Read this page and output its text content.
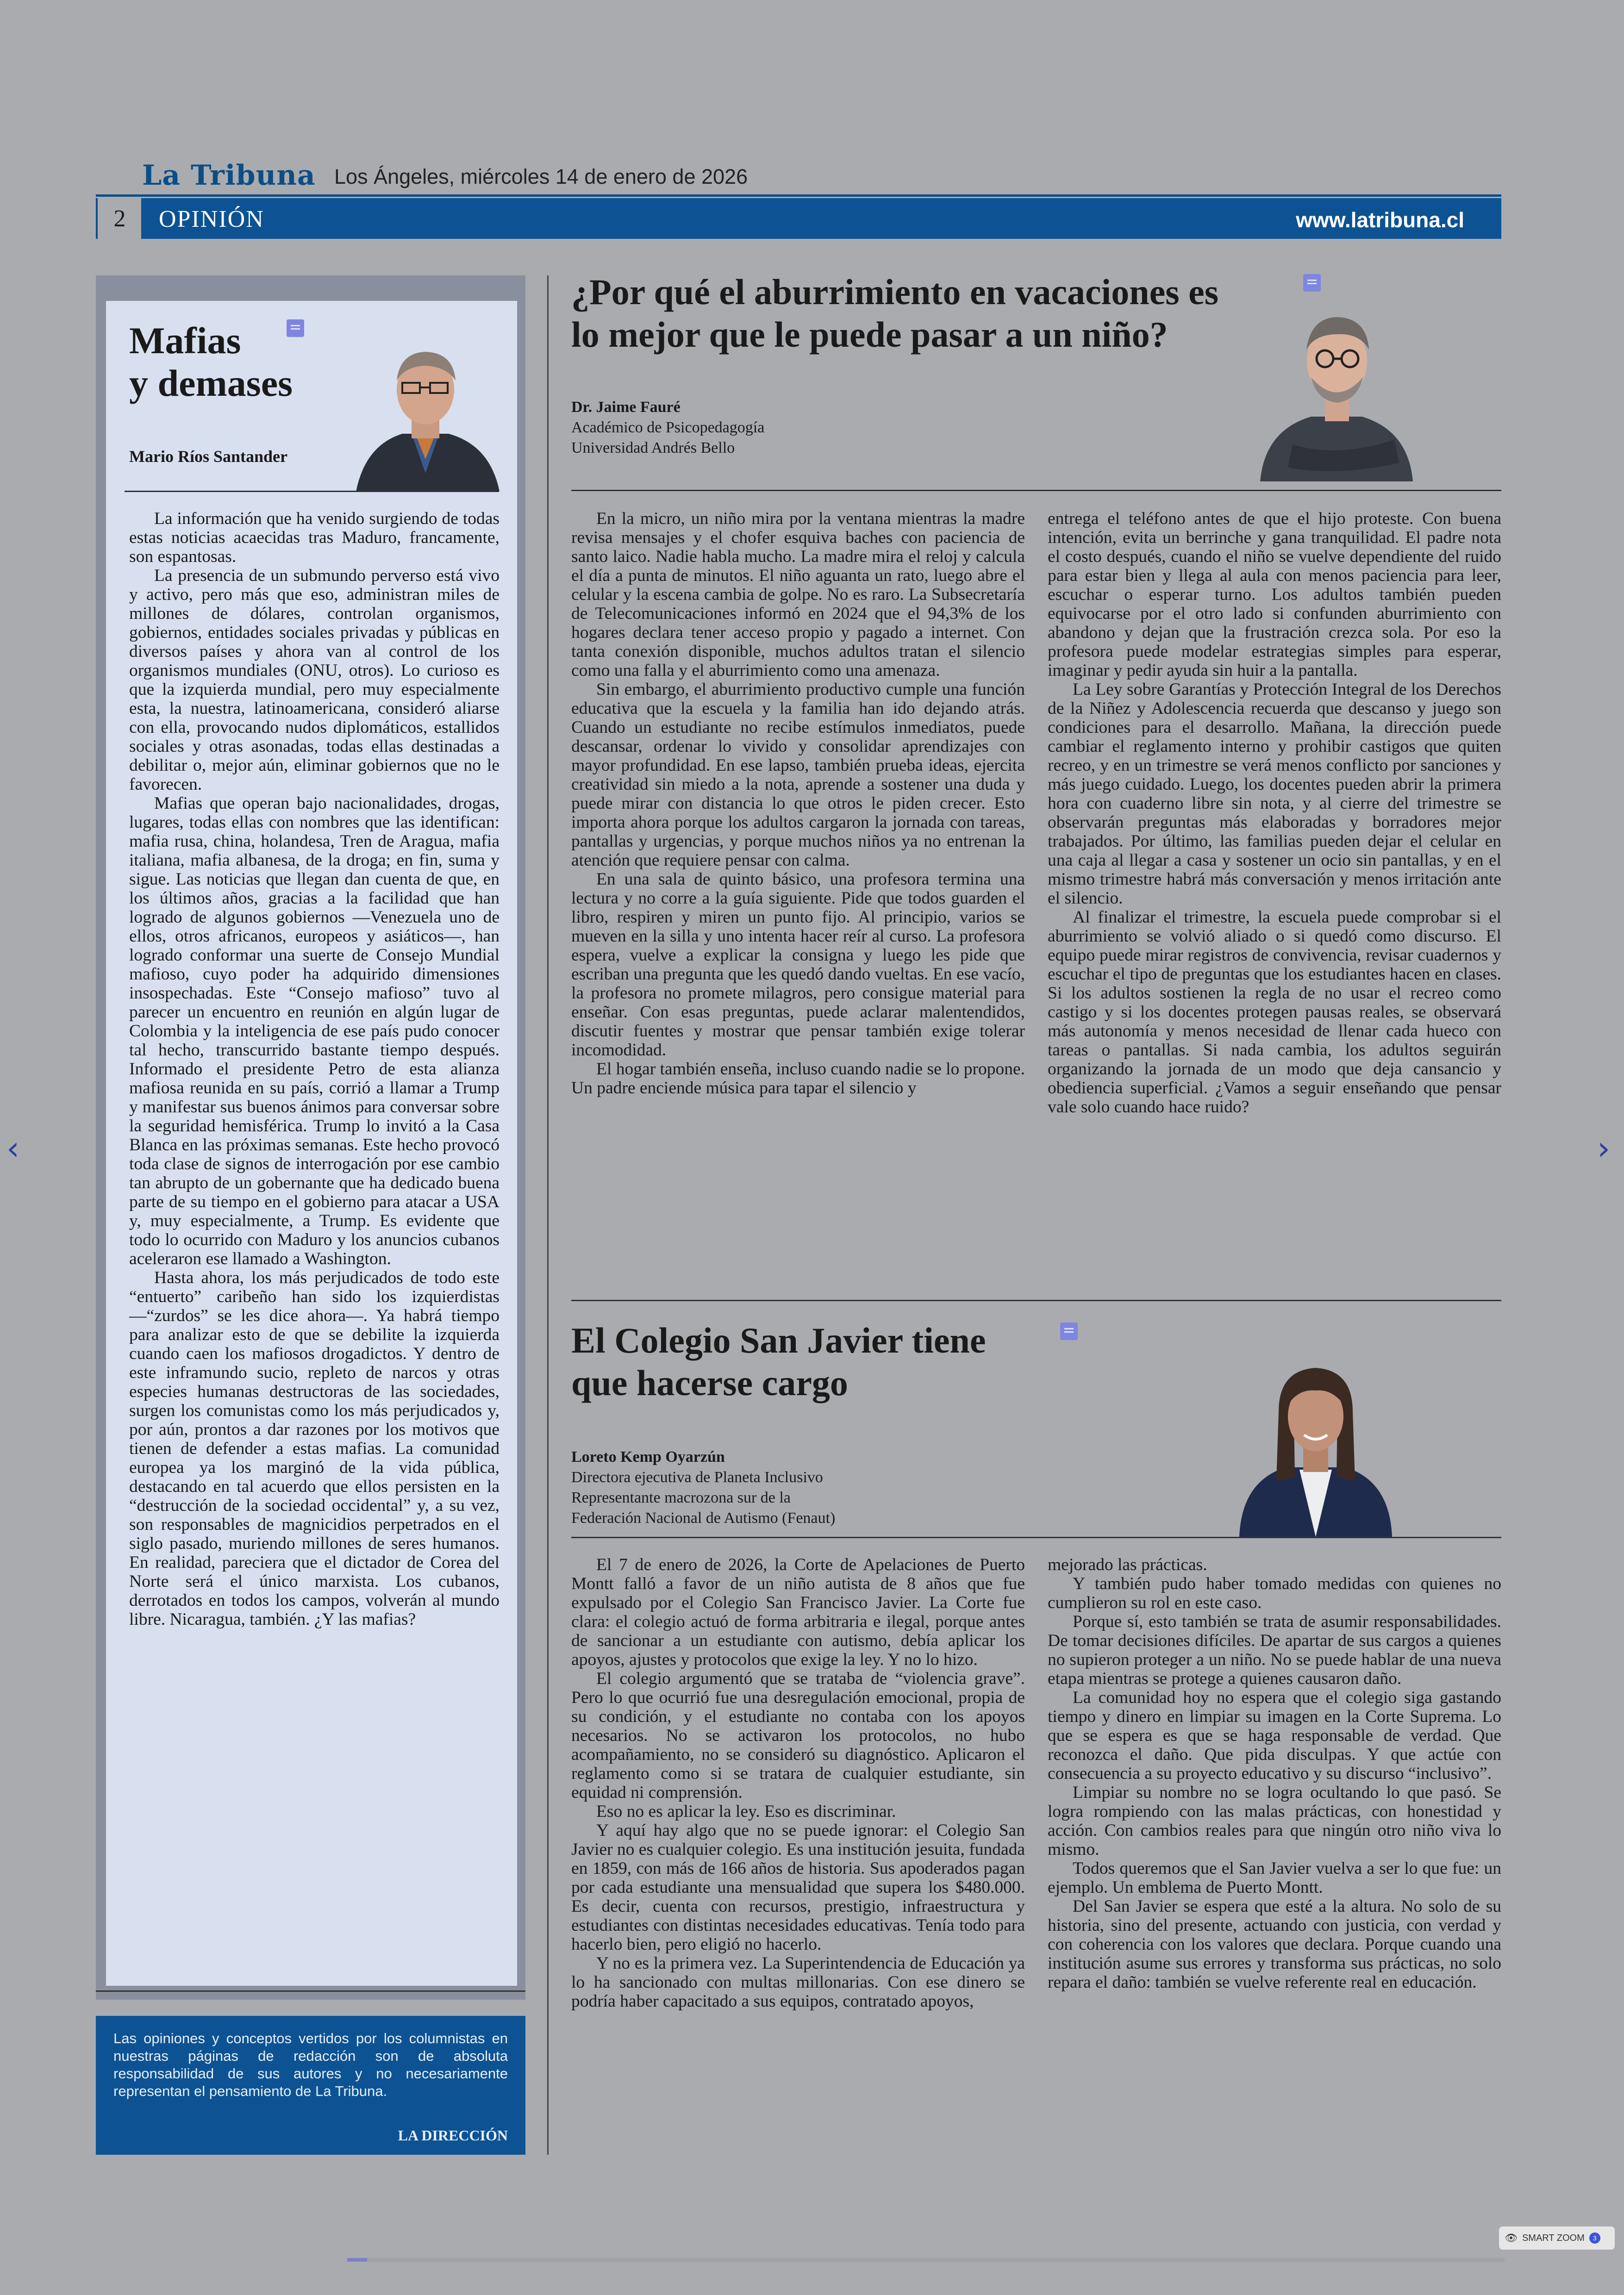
La Tribuna Los Ángeles, miércoles 14 de enero de 2026
2	OPINIÓN	www.latribuna.cl
Mafias
y demases
Mario Ríos Santander

La información que ha venido surgiendo de todas estas noticias acaecidas tras Maduro, francamente, son espantosas.

La presencia de un submundo perverso está vivo y activo, pero más que eso, administran miles de millones de dólares, controlan organismos, gobiernos, entidades sociales privadas y públicas en diversos países y ahora van al control de los organismos mundiales (ONU, otros). Lo curioso es que la izquierda mundial, pero muy especialmente esta, la nuestra, latinoamericana, consideró aliarse con ella, provocando nudos diplomáticos, estallidos sociales y otras asonadas, todas ellas destinadas a debilitar o, mejor aún, eliminar gobiernos que no le favorecen.

Mafias que operan bajo nacionalidades, drogas, lugares, todas ellas con nombres que las identifican: mafia rusa, china, holandesa, Tren de Aragua, mafia italiana, mafia albanesa, de la droga; en fin, suma y sigue. Las noticias que llegan dan cuenta de que, en los últimos años, gracias a la facilidad que han logrado de algunos gobiernos —Venezuela uno de ellos, otros africanos, europeos y asiáticos—, han logrado conformar una suerte de Consejo Mundial mafioso, cuyo poder ha adquirido dimensiones insospechadas. Este “Consejo mafioso” tuvo al parecer un encuentro en reunión en algún lugar de Colombia y la inteligencia de ese país pudo conocer tal hecho, transcurrido bastante tiempo después. Informado el presidente Petro de esta alianza mafiosa reunida en su país, corrió a llamar a Trump y manifestar sus buenos ánimos para conversar sobre la seguridad hemisférica. Trump lo invitó a la Casa Blanca en las próximas semanas. Este hecho provocó toda clase de signos de interrogación por ese cambio tan abrupto de un gobernante que ha dedicado buena parte de su tiempo en el gobierno para atacar a USA y, muy especialmente, a Trump. Es evidente que todo lo ocurrido con Maduro y los anuncios cubanos aceleraron ese llamado a Washington.

Hasta ahora, los más perjudicados de todo este “entuerto” caribeño han sido los izquierdistas —“zurdos” se les dice ahora—. Ya habrá tiempo para analizar esto de que se debilite la izquierda cuando caen los mafiosos drogadictos. Y dentro de este inframundo sucio, repleto de narcos y otras especies humanas destructoras de las sociedades, surgen los comunistas como los más perjudicados y, por aún, prontos a dar razones por los motivos que tienen de defender a estas mafias. La comunidad europea ya los marginó de la vida pública, destacando en tal acuerdo que ellos persisten en la “destrucción de la sociedad occidental” y, a su vez, son responsables de magnicidios perpetrados en el siglo pasado, muriendo millones de seres humanos. En realidad, pareciera que el dictador de Corea del Norte será el único marxista. Los cubanos, derrotados en todos los campos, volverán al mundo libre. Nicaragua, también. ¿Y las mafias?

Las opiniones y conceptos vertidos por los columnistas en nuestras páginas de redacción son de absoluta responsabilidad de sus autores y no necesariamente representan el pensamiento de La Tribuna.
LA DIRECCIÓN
¿Por qué el aburrimiento en vacaciones es
lo mejor que le puede pasar a un niño?
Dr. Jaime Fauré
Académico de Psicopedagogía
Universidad Andrés Bello

En la micro, un niño mira por la ventana mientras la madre revisa mensajes y el chofer esquiva baches con paciencia de santo laico. Nadie habla mucho. La madre mira el reloj y calcula el día a punta de minutos. El niño aguanta un rato, luego abre el celular y la escena cambia de golpe. No es raro. La Subsecretaría de Telecomunicaciones informó en 2024 que el 94,3% de los hogares declara tener acceso propio y pagado a internet. Con tanta conexión disponible, muchos adultos tratan el silencio como una falla y el aburrimiento como una amenaza.

Sin embargo, el aburrimiento productivo cumple una función educativa que la escuela y la familia han ido dejando atrás. Cuando un estudiante no recibe estímulos inmediatos, puede descansar, ordenar lo vivido y consolidar aprendizajes con mayor profundidad. En ese lapso, también prueba ideas, ejercita creatividad sin miedo a la nota, aprende a sostener una duda y puede mirar con distancia lo que otros le piden crecer. Esto importa ahora porque los adultos cargaron la jornada con tareas, pantallas y urgencias, y porque muchos niños ya no entrenan la atención que requiere pensar con calma.

En una sala de quinto básico, una profesora termina una lectura y no corre a la guía siguiente. Pide que todos guarden el libro, respiren y miren un punto fijo. Al principio, varios se mueven en la silla y uno intenta hacer reír al curso. La profesora espera, vuelve a explicar la consigna y luego les pide que escriban una pregunta que les quedó dando vueltas. En ese vacío, la profesora no promete milagros, pero consigue material para enseñar. Con esas preguntas, puede aclarar malentendidos, discutir fuentes y mostrar que pensar también exige tolerar incomodidad.

El hogar también enseña, incluso cuando nadie se lo propone. Un padre enciende música para tapar el silencio y

entrega el teléfono antes de que el hijo proteste. Con buena intención, evita un berrinche y gana tranquilidad. El padre nota el costo después, cuando el niño se vuelve dependiente del ruido para estar bien y llega al aula con menos paciencia para leer, escuchar o esperar turno. Los adultos también pueden equivocarse por el otro lado si confunden aburrimiento con abandono y dejan que la frustración crezca sola. Por eso la profesora puede modelar estrategias simples para esperar, imaginar y pedir ayuda sin huir a la pantalla.

La Ley sobre Garantías y Protección Integral de los Derechos de la Niñez y Adolescencia recuerda que descanso y juego son condiciones para el desarrollo. Mañana, la dirección puede cambiar el reglamento interno y prohibir castigos que quiten recreo, y en un trimestre se verá menos conflicto por sanciones y más juego cuidado. Luego, los docentes pueden abrir la primera hora con cuaderno libre sin nota, y al cierre del trimestre se observarán preguntas más elaboradas y borradores mejor trabajados. Por último, las familias pueden dejar el celular en una caja al llegar a casa y sostener un ocio sin pantallas, y en el mismo trimestre habrá más conversación y menos irritación ante el silencio.

Al finalizar el trimestre, la escuela puede comprobar si el aburrimiento se volvió aliado o si quedó como discurso. El equipo puede mirar registros de convivencia, revisar cuadernos y escuchar el tipo de preguntas que los estudiantes hacen en clases. Si los adultos sostienen la regla de no usar el recreo como castigo y si los docentes protegen pausas reales, se observará más autonomía y menos necesidad de llenar cada hueco con tareas o pantallas. Si nada cambia, los adultos seguirán organizando la jornada de un modo que deja cansancio y obediencia superficial. ¿Vamos a seguir enseñando que pensar vale solo cuando hace ruido?

El Colegio San Javier tiene
que hacerse cargo
Loreto Kemp Oyarzún
Directora ejecutiva de Planeta Inclusivo
Representante macrozona sur de la
Federación Nacional de Autismo (Fenaut)

El 7 de enero de 2026, la Corte de Apelaciones de Puerto Montt falló a favor de un niño autista de 8 años que fue expulsado por el Colegio San Francisco Javier. La Corte fue clara: el colegio actuó de forma arbitraria e ilegal, porque antes de sancionar a un estudiante con autismo, debía aplicar los apoyos, ajustes y protocolos que exige la ley. Y no lo hizo.

El colegio argumentó que se trataba de “violencia grave”. Pero lo que ocurrió fue una desregulación emocional, propia de su condición, y el estudiante no contaba con los apoyos necesarios. No se activaron los protocolos, no hubo acompañamiento, no se consideró su diagnóstico. Aplicaron el reglamento como si se tratara de cualquier estudiante, sin equidad ni comprensión.

Eso no es aplicar la ley. Eso es discriminar.

Y aquí hay algo que no se puede ignorar: el Colegio San Javier no es cualquier colegio. Es una institución jesuita, fundada en 1859, con más de 166 años de historia. Sus apoderados pagan por cada estudiante una mensualidad que supera los $480.000. Es decir, cuenta con recursos, prestigio, infraestructura y estudiantes con distintas necesidades educativas. Tenía todo para hacerlo bien, pero eligió no hacerlo.

Y no es la primera vez. La Superintendencia de Educación ya lo ha sancionado con multas millonarias. Con ese dinero se podría haber capacitado a sus equipos, contratado apoyos,

mejorado las prácticas.

Y también pudo haber tomado medidas con quienes no cumplieron su rol en este caso.

Porque sí, esto también se trata de asumir responsabilidades. De tomar decisiones difíciles. De apartar de sus cargos a quienes no supieron proteger a un niño. No se puede hablar de una nueva etapa mientras se protege a quienes causaron daño.

La comunidad hoy no espera que el colegio siga gastando tiempo y dinero en limpiar su imagen en la Corte Suprema. Lo que se espera es que se haga responsable de verdad. Que reconozca el daño. Que pida disculpas. Y que actúe con consecuencia a su proyecto educativo y su discurso “inclusivo”.

Limpiar su nombre no se logra ocultando lo que pasó. Se logra rompiendo con las malas prácticas, con honestidad y acción. Con cambios reales para que ningún otro niño viva lo mismo.

Todos queremos que el San Javier vuelva a ser lo que fue: un ejemplo. Un emblema de Puerto Montt.

Del San Javier se espera que esté a la altura. No solo de su historia, sino del presente, actuando con justicia, con verdad y con coherencia con los valores que declara. Porque cuando una institución asume sus errores y transforma sus prácticas, no solo repara el daño: también se vuelve referente real en educación.

‹	›
👁 SMART ZOOM	3
